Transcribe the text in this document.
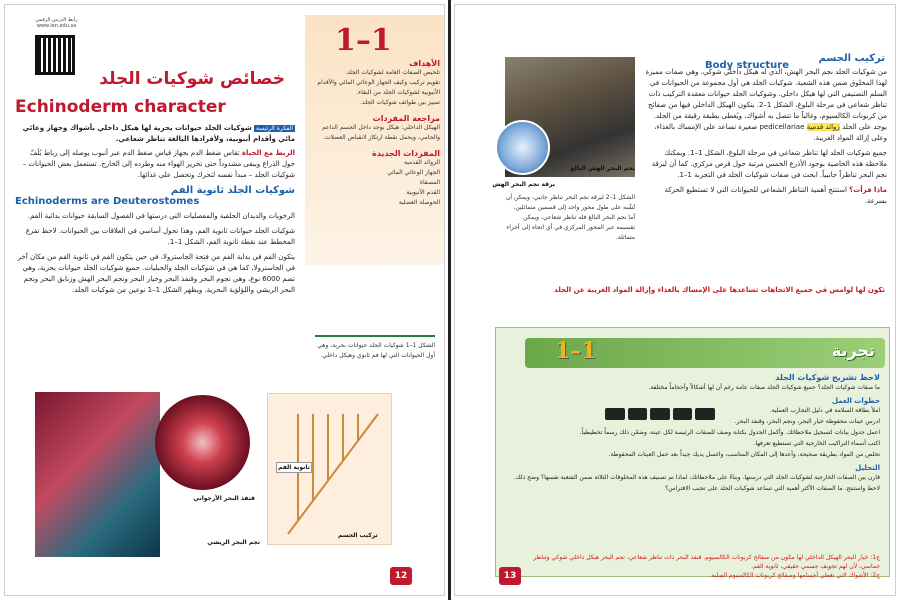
1–1
رابط الدرس الرقمي www.ien.edu.sa
خصائص شوكيات الجلد
Echinoderm character
الأهداف
تلخيص الصفات العامة لشوكيات الجلد.
تقويم تركيب وكيف الجهاز الوعائي المائي والأقدام الأنبوبية لشوكيات الجلد من البقاء.
تمييز بين طوائف شوكيات الجلد.
مراجعة المفردات
الهيكل الداخلي: هيكل يوجد داخل الجسم الداعم والحامي، ويحمل نقطة ارتكاز لانقباض العضلات.
المفردات الجديدة
الزوائد القدمية
الجهاز الوعائي المائي
المصفاة
القدم الأنبوبية
الحوصلة العضلية
الفكرة الرئيسة شوكيات الجلد حيوانات بحرية لها هيكل داخلي بأشواك وجهاز وعائي مائي وأقدام أنبوبية، ولأفرادها البالغة تناظر شعاعي.
الربط مع الحياة تقاس ضغط الدم بجهاز قياس ضغط الدم عبر أنبوب يوصله إلى رباط يُلَفّ حول الذراع ويبقى مشدوداً حتى تحرير الهواء منه وطرده إلى الخارج. تستعمل بعض الحيوانات – شوكيات الجلد – مبدأ نفسه لتحرك وتحصل على غذائها.
شوكيات الجلد ثانوية الفم
Echinoderms are Deuterostomes
الرخويات والديدان الحلقية والمفصليات التي درستها في الفصول السابقة حيوانات بدائية الفم.
شوكيات الجلد حيوانات ثانوية الفم، وهذا تحول أساسي في العلاقات بين الحيوانات. لاحظ تفرع المخطط عند نقطة ثانوية الفم، الشكل 1–1.
يتكون الفم في بداية الفم من فتحة الجاسترولا، في حين يتكون الفم في ثانوية الفم من مكان آخر في الجاسترولا، كما هي في شوكيات الجلد والحبليات. جميع شوكيات الجلد حيوانات بحرية، وهي تضم 6000 نوع، وهي نجوم البحر وقنفذ البحر وخيار البحر ونجم البحر الهش وزنابق البحر ونجم البحر الريشي واللؤلؤية البحرية. ويظهر الشكل 1–1 نوعين من شوكيات الجلد.
الشكل 1–1 شوكيات الجلد حيوانات بحرية، وهي أول الحيوانات التي لها فم ثانوي وهيكل داخلي.
قنفذ البحر الأرجواني
نجم البحر الريشي
ثانوية الفم
تركيب الجسم
12
Body structure
تركيب الجسم
من شوكيات الجلد نجم البحر الهش، الذي له هيكل داخلي شوكي، وهي صفات مميزة لهذا المخلوق ضمن هذه الشعبة. شوكيات الجلد هي أول مجموعة من الحيوانات في السلم التصنيفي التي لها هيكل داخلي. وشوكيات الجلد حيوانات معقدة التركيب ذات تناظر شعاعي في مرحلة البلوغ، الشكل 1–2. يتكون الهيكل الداخلي فيها من صفائح من كربونات الكالسيوم، وغالباً ما تتصل به أشواك، ويُغطى بطبقة رقيقة من الجلد. يوجد على الجلد زوائد قدمية pedicellariae صغيرة تساعد على الإمساك بالغذاء، وعلى إزالة المواد الغريبة.
جميع شوكيات الجلد لها تناظر شعاعي في مرحلة البلوغ، الشكل 1–1. ويمكنك ملاحظة هذه الخاصية بوجود الأذرع الخمس مرتبة حول قرص مركزي. كما أن ليرقة نجم البحر تناظراً جانبياً. ابحث في صفات شوكيات الجلد في التجربة 1–1.
ماذا قرأت؟ استنتج أهمية التناظر الشعاعي للحيوانات التي لا تستطيع الحركة بسرعة.
تكون لها لوامس في جميع الاتجاهات تساعدها على الإمساك بالغذاء وإزالة المواد الغريبة عن الجلد
نجم البحر الهش البالغ
يرقة نجم البحر الهش
الشكل 1–2 ليرقة نجم البحر تناظر جانبي، ويمكن أن تُشْبه على طول محور واحد إلى قسمين متماثلين. أما نجم البحر البالغ فله تناظر شعاعي، ويمكن تقسيمه عبر المحور المركزي في أي اتجاه إلى أجزاء متماثلة.
تجربة
1–1
لاحظ تشريح شوكيات الجلد
ما صفات شوكيات الجلد؟ جميع شوكيات الجلد صفات عامة رغم أن لها أشكالاً وأحجاماً مختلفة.
خطوات العمل
املأ بطاقة السلامة في دليل التجارب العملية.
ادرس عينات محفوظة خيار البحر، ونجم البحر، وقنفذ البحر.
اعمل جدول بيانات لتسجيل ملاحظاتك. وأكمل الجدول بكتابة وصف للصفات الرئيسة لكل عينة، وضمّن ذلك رسماً تخطيطياً.
اكتب أسماء التراكيب الخارجية التي تستطيع تعرفها.
تخلص من المواد بطريقة صحيحة، وأعدها إلى المكان المناسب، واغسل يديك جيداً بعد حمل العينات المحفوظة.
التحليل
قارن بين الصفات الخارجية لشوكيات الجلد التي درستها. وبناءً على ملاحظاتك، لماذا تم تصنيف هذه المخلوقات الثلاثة ضمن الشعبة نفسها؟ وضح ذلك.
لاحظ واستنتج. ما الصفات الأكثر أهمية التي تساعد شوكيات الجلد على تجنب الافتراس؟
ج1: خيار البحر الهيكل الداخلي لها مكون من صفائح كربونات الكالسيوم. قنفذ البحر ذات تناظر شعاعي، نجم البحر هيكل داخلي شوكي وتناظر خماسي، لأن لهم تجويف جسمي حقيقي، ثانوية الفم.
ج2: الأشواك التي تغطي أجسامها وصفائح كربونات الكالسيوم الصلبة.
13
